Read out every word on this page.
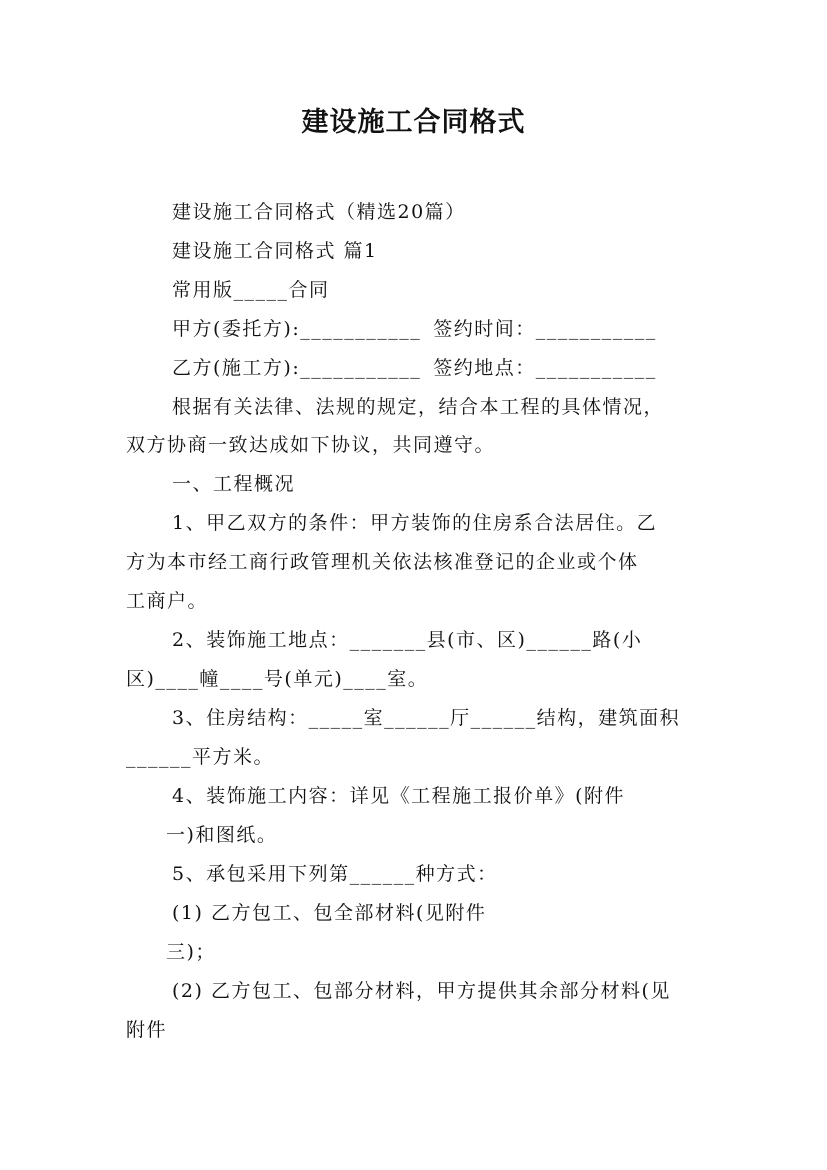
建设施工合同格式

建设施工合同格式（精选20篇）

建设施工合同格式 篇1

常用版_____合同

甲方(委托方):___________ 签约时间：___________

乙方(施工方):___________ 签约地点：___________

根据有关法律、法规的规定，结合本工程的具体情况，

双方协商一致达成如下协议，共同遵守。

一、工程概况

1、甲乙双方的条件：甲方装饰的住房系合法居住。乙

方为本市经工商行政管理机关依法核准登记的企业或个体

工商户。

2、装饰施工地点：_______县(市、区)______路(小

区)____幢____号(单元)____室。

3、住房结构：_____室______厅______结构，建筑面积

______平方米。

4、装饰施工内容：详见《工程施工报价单》(附件

一)和图纸。

5、承包采用下列第______种方式：

(1) 乙方包工、包全部材料(见附件

三)；

(2) 乙方包工、包部分材料，甲方提供其余部分材料(见

附件
